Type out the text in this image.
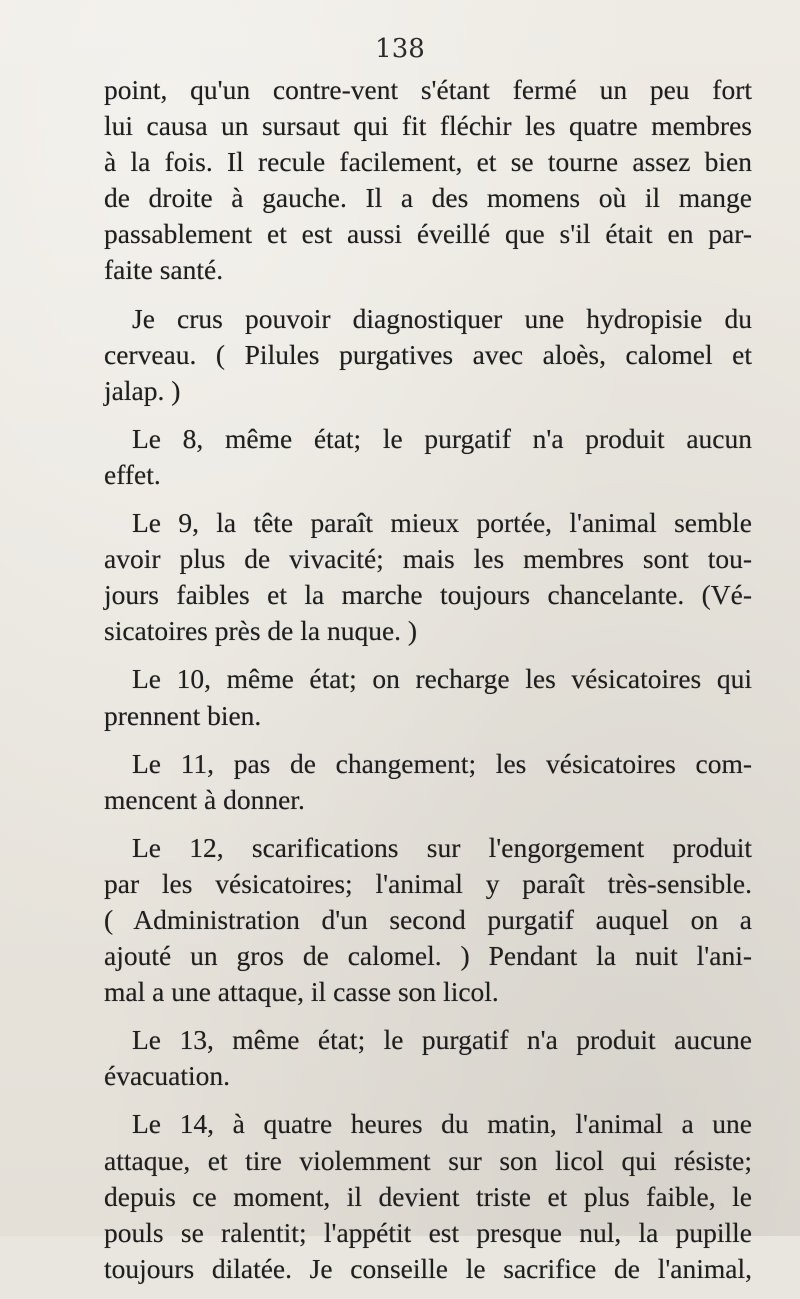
138

point, qu'un contre-vent s'étant fermé un peu fort
lui causa un sursaut qui fit fléchir les quatre membres
à la fois. Il recule facilement, et se tourne assez bien
de droite à gauche. Il a des momens où il mange
passablement et est aussi éveillé que s'il était en par-
faite santé.
Je crus pouvoir diagnostiquer une hydropisie du
cerveau. ( Pilules purgatives avec aloès, calomel et
jalap. )
Le 8, même état; le purgatif n'a produit aucun
effet.
Le 9, la tête paraît mieux portée, l'animal semble
avoir plus de vivacité; mais les membres sont tou-
jours faibles et la marche toujours chancelante. (Vé-
sicatoires près de la nuque. )
Le 10, même état; on recharge les vésicatoires qui
prennent bien.
Le 11, pas de changement; les vésicatoires com-
mencent à donner.
Le 12, scarifications sur l'engorgement produit
par les vésicatoires; l'animal y paraît très-sensible.
( Administration d'un second purgatif auquel on a
ajouté un gros de calomel. ) Pendant la nuit l'ani-
mal a une attaque, il casse son licol.
Le 13, même état; le purgatif n'a produit aucune
évacuation.
Le 14, à quatre heures du matin, l'animal a une
attaque, et tire violemment sur son licol qui résiste;
depuis ce moment, il devient triste et plus faible, le
pouls se ralentit; l'appétit est presque nul, la pupille
toujours dilatée. Je conseille le sacrifice de l'animal,
